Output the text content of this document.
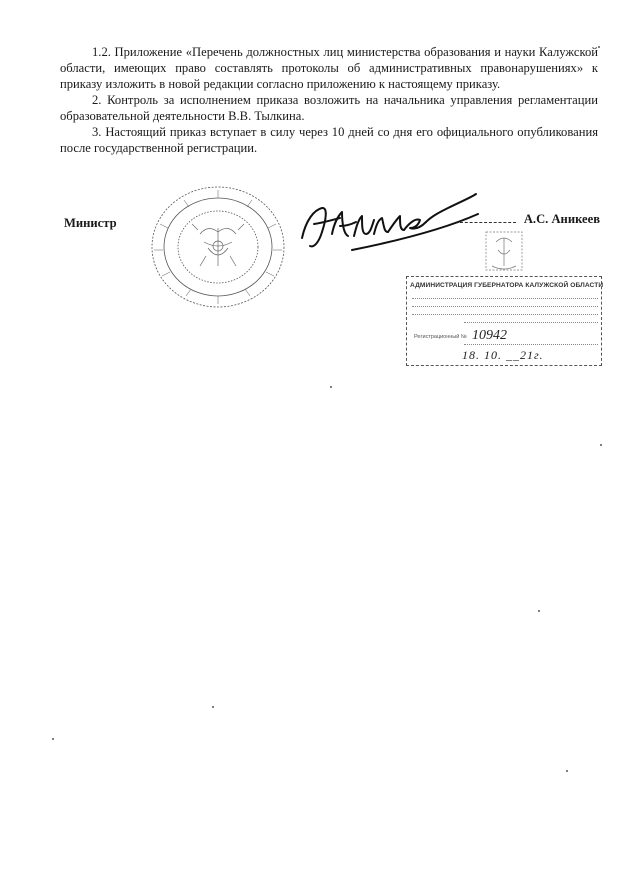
1.2. Приложение «Перечень должностных лиц министерства образования и науки Калужской области, имеющих право составлять протоколы об административных правонарушениях» к приказу изложить в новой редакции согласно приложению к настоящему приказу.

2. Контроль за исполнением приказа возложить на начальника управления регламентации образовательной деятельности В.В. Тылкина.

3. Настоящий приказ вступает в силу через 10 дней со дня его официального опубликования после государственной регистрации.

Министр	А.С. Аникеев
АДМИНИСТРАЦИЯ ГУБЕРНАТОРА КАЛУЖСКОЙ ОБЛАСТИ
Регистрационный № 10942
18. 10. __21г.
